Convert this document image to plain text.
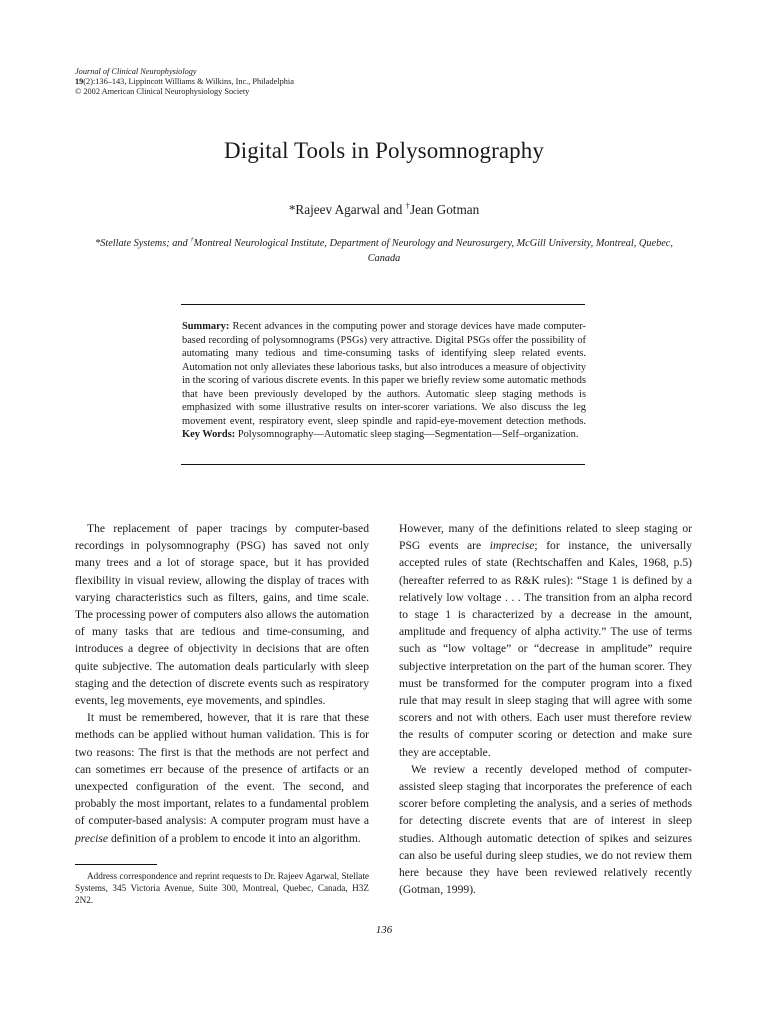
Journal of Clinical Neurophysiology
19(2):136–143, Lippincott Williams & Wilkins, Inc., Philadelphia
© 2002 American Clinical Neurophysiology Society
Digital Tools in Polysomnography
*Rajeev Agarwal and †Jean Gotman
*Stellate Systems; and †Montreal Neurological Institute, Department of Neurology and Neurosurgery, McGill University, Montreal, Quebec, Canada
Summary: Recent advances in the computing power and storage devices have made computer-based recording of polysomnograms (PSGs) very attractive. Digital PSGs offer the possibility of automating many tedious and time-consuming tasks of identifying sleep related events. Automation not only alleviates these laborious tasks, but also introduces a measure of objectivity in the scoring of various discrete events. In this paper we briefly review some automatic methods that have been previously developed by the authors. Automatic sleep staging methods is emphasized with some illustrative results on inter-scorer variations. We also discuss the leg movement event, respiratory event, sleep spindle and rapid-eye-movement detection methods. Key Words: Polysomnography—Automatic sleep staging—Segmentation—Self–organization.

The replacement of paper tracings by computer-based recordings in polysomnography (PSG) has saved not only many trees and a lot of storage space, but it has provided flexibility in visual review, allowing the display of traces with varying characteristics such as filters, gains, and time scale. The processing power of computers also allows the automation of many tasks that are tedious and time-consuming, and introduces a degree of objectivity in decisions that are often quite subjective. The automation deals particularly with sleep staging and the detection of discrete events such as respiratory events, leg movements, eye movements, and spindles.

It must be remembered, however, that it is rare that these methods can be applied without human validation. This is for two reasons: The first is that the methods are not perfect and can sometimes err because of the presence of artifacts or an unexpected configuration of the event. The second, and probably the most important, relates to a fundamental problem of computer-based analysis: A computer program must have a precise definition of a problem to encode it into an algorithm.

However, many of the definitions related to sleep staging or PSG events are imprecise; for instance, the universally accepted rules of state (Rechtschaffen and Kales, 1968, p.5) (hereafter referred to as R&K rules): “Stage 1 is defined by a relatively low voltage . . . The transition from an alpha record to stage 1 is characterized by a decrease in the amount, amplitude and frequency of alpha activity.” The use of terms such as “low voltage” or “decrease in amplitude” require subjective interpretation on the part of the human scorer. They must be transformed for the computer program into a fixed rule that may result in sleep staging that will agree with some scorers and not with others. Each user must therefore review the results of computer scoring or detection and make sure they are acceptable.

We review a recently developed method of computer-assisted sleep staging that incorporates the preference of each scorer before completing the analysis, and a series of methods for detecting discrete events that are of interest in sleep studies. Although automatic detection of spikes and seizures can also be useful during sleep studies, we do not review them here because they have been reviewed relatively recently (Gotman, 1999).

Address correspondence and reprint requests to Dr. Rajeev Agarwal, Stellate Systems, 345 Victoria Avenue, Suite 300, Montreal, Quebec, Canada, H3Z 2N2.
136
